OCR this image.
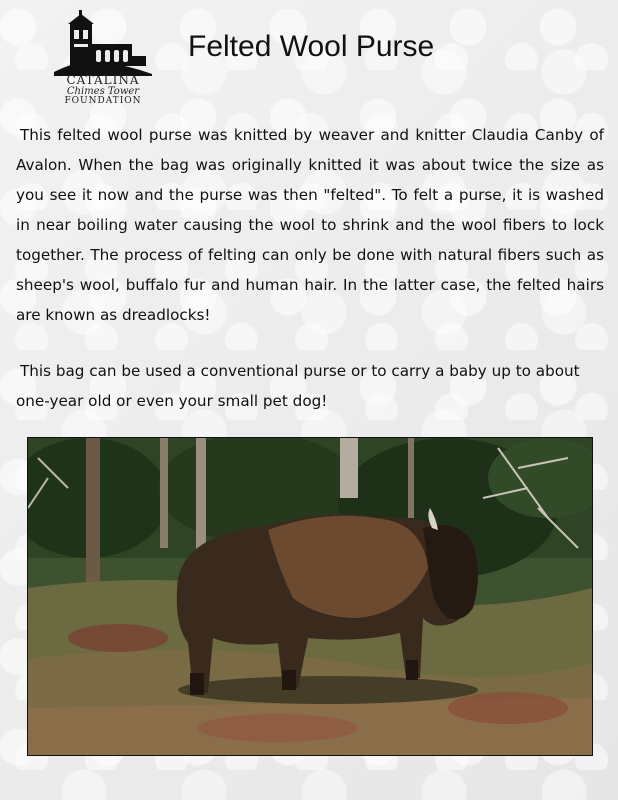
CATALINA
Chimes Tower
FOUNDATION
Felted Wool Purse

This felted wool purse was knitted by weaver and knitter Claudia Canby of Avalon. When the bag was originally knitted it was about twice the size as you see it now and the purse was then "felted". To felt a purse, it is washed in near boiling water causing the wool to shrink and the wool fibers to lock together. The process of felting can only be done with natural fibers such as sheep's wool, buffalo fur and human hair. In the latter case, the felted hairs are known as dreadlocks!

This bag can be used a conventional purse or to carry a baby up to about one-year old or even your small pet dog!
